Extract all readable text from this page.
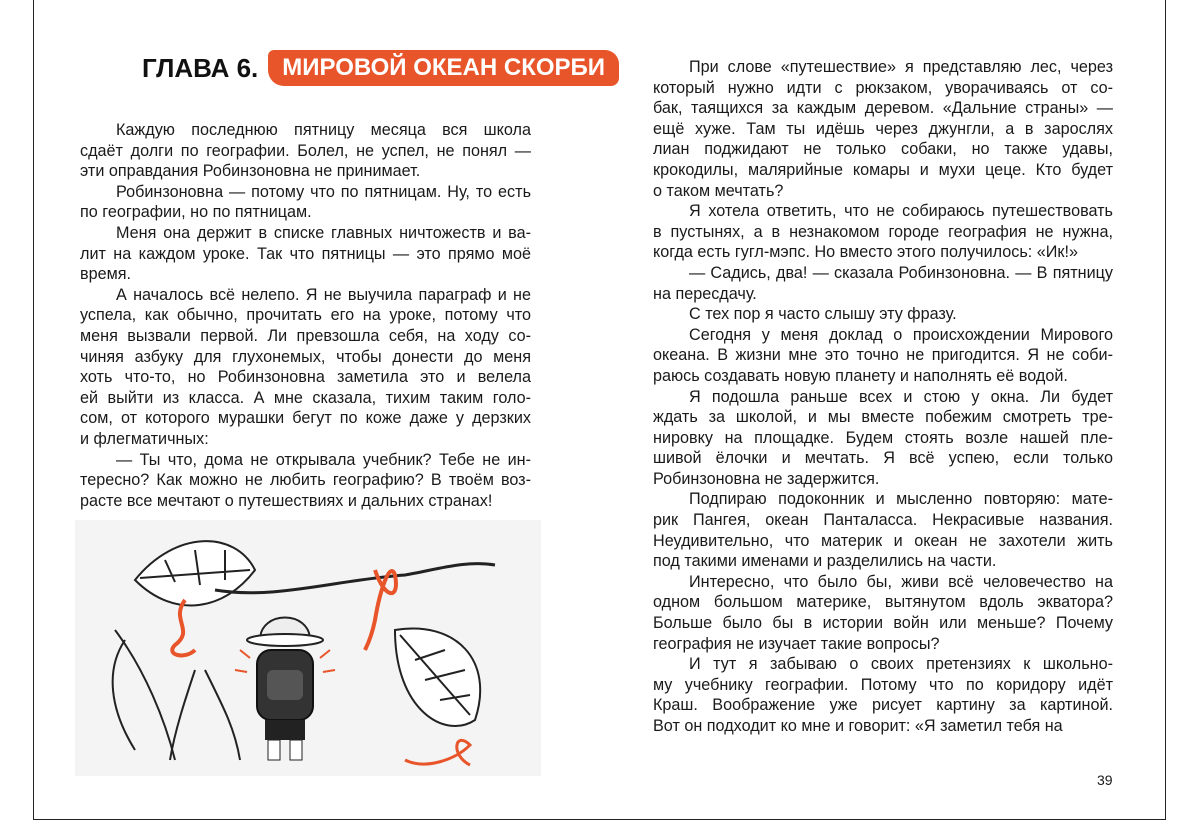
ГЛАВА 6. МИРОВОЙ ОКЕАН СКОРБИ
Каждую последнюю пятницу месяца вся школа
сдаёт долги по географии. Болел, не успел, не понял —
эти оправдания Робинзоновна не принимает.
Робинзоновна — потому что по пятницам. Ну, то есть
по географии, но по пятницам.
Меня она держит в списке главных ничтожеств и ва-
лит на каждом уроке. Так что пятницы — это прямо моё
время.
А началось всё нелепо. Я не выучила параграф и не
успела, как обычно, прочитать его на уроке, потому что
меня вызвали первой. Ли превзошла себя, на ходу со-
чиняя азбуку для глухонемых, чтобы донести до меня
хоть что-то, но Робинзоновна заметила это и велела
ей выйти из класса. А мне сказала, тихим таким голо-
сом, от которого мурашки бегут по коже даже у дерзких
и флегматичных:
— Ты что, дома не открывала учебник? Тебе не ин-
тересно? Как можно не любить географию? В твоём воз-
расте все мечтают о путешествиях и дальних странах!
При слове «путешествие» я представляю лес, через
который нужно идти с рюкзаком, уворачиваясь от со-
бак, таящихся за каждым деревом. «Дальние страны» —
ещё хуже. Там ты идёшь через джунгли, а в зарослях
лиан поджидают не только собаки, но также удавы,
крокодилы, малярийные комары и мухи цеце. Кто будет
о таком мечтать?
Я хотела ответить, что не собираюсь путешествовать
в пустынях, а в незнакомом городе география не нужна,
когда есть гугл-мэпс. Но вместо этого получилось: «Ик!»
— Садись, два! — сказала Робинзоновна. — В пятницу
на пересдачу.
С тех пор я часто слышу эту фразу.
Сегодня у меня доклад о происхождении Мирового
океана. В жизни мне это точно не пригодится. Я не соби-
раюсь создавать новую планету и наполнять её водой.
Я подошла раньше всех и стою у окна. Ли будет
ждать за школой, и мы вместе побежим смотреть тре-
нировку на площадке. Будем стоять возле нашей пле-
шивой ёлочки и мечтать. Я всё успею, если только
Робинзоновна не задержится.
Подпираю подоконник и мысленно повторяю: мате-
рик Пангея, океан Панталасса. Некрасивые названия.
Неудивительно, что материк и океан не захотели жить
под такими именами и разделились на части.
Интересно, что было бы, живи всё человечество на
одном большом материке, вытянутом вдоль экватора?
Больше было бы в истории войн или меньше? Почему
география не изучает такие вопросы?
И тут я забываю о своих претензиях к школьно-
му учебнику географии. Потому что по коридору идёт
Краш. Воображение уже рисует картину за картиной.
Вот он подходит ко мне и говорит: «Я заметил тебя на
39
